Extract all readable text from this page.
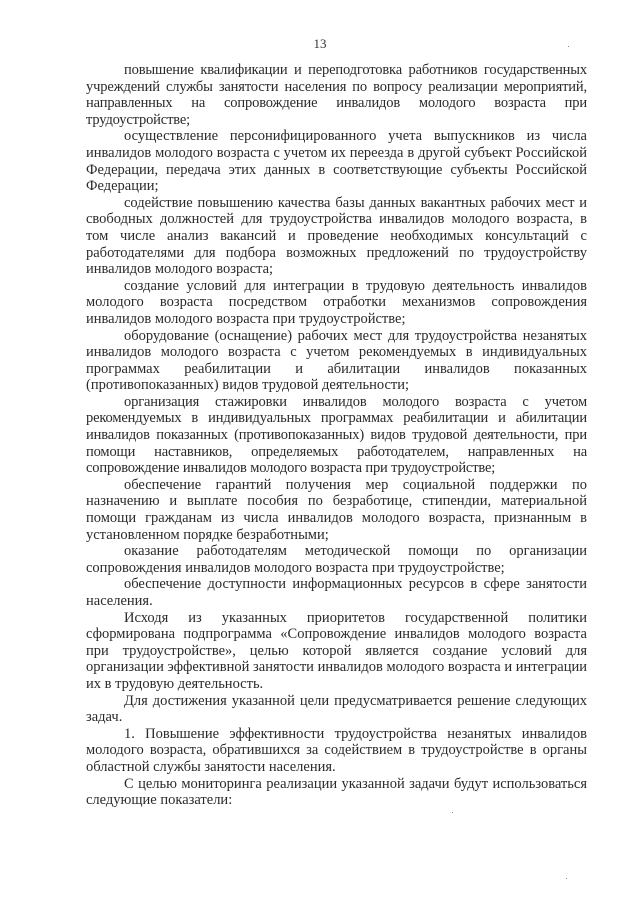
13

повышение квалификации и переподготовка работников государственных учреждений службы занятости населения по вопросу реализации мероприятий, направленных на сопровождение инвалидов молодого возраста при трудоустройстве;

осуществление персонифицированного учета выпускников из числа инвалидов молодого возраста с учетом их переезда в другой субъект Российской Федерации, передача этих данных в соответствующие субъекты Российской Федерации;

содействие повышению качества базы данных вакантных рабочих мест и свободных должностей для трудоустройства инвалидов молодого возраста, в том числе анализ вакансий и проведение необходимых консультаций с работодателями для подбора возможных предложений по трудоустройству инвалидов молодого возраста;

создание условий для интеграции в трудовую деятельность инвалидов молодого возраста посредством отработки механизмов сопровождения инвалидов молодого возраста при трудоустройстве;

оборудование (оснащение) рабочих мест для трудоустройства незанятых инвалидов молодого возраста с учетом рекомендуемых в индивидуальных программах реабилитации и абилитации инвалидов показанных (противопоказанных) видов трудовой деятельности;

организация стажировки инвалидов молодого возраста с учетом рекомендуемых в индивидуальных программах реабилитации и абилитации инвалидов показанных (противопоказанных) видов трудовой деятельности, при помощи наставников, определяемых работодателем, направленных на сопровождение инвалидов молодого возраста при трудоустройстве;

обеспечение гарантий получения мер социальной поддержки по назначению и выплате пособия по безработице, стипендии, материальной помощи гражданам из числа инвалидов молодого возраста, признанным в установленном порядке безработными;

оказание работодателям методической помощи по организации сопровождения инвалидов молодого возраста при трудоустройстве;

обеспечение доступности информационных ресурсов в сфере занятости населения.

Исходя из указанных приоритетов государственной политики сформирована подпрограмма «Сопровождение инвалидов молодого возраста при трудоустройстве», целью которой является создание условий для организации эффективной занятости инвалидов молодого возраста и интеграции их в трудовую деятельность.

Для достижения указанной цели предусматривается решение следующих задач.

1. Повышение эффективности трудоустройства незанятых инвалидов молодого возраста, обратившихся за содействием в трудоустройстве в органы областной службы занятости населения.

С целью мониторинга реализации указанной задачи будут использоваться следующие показатели:
